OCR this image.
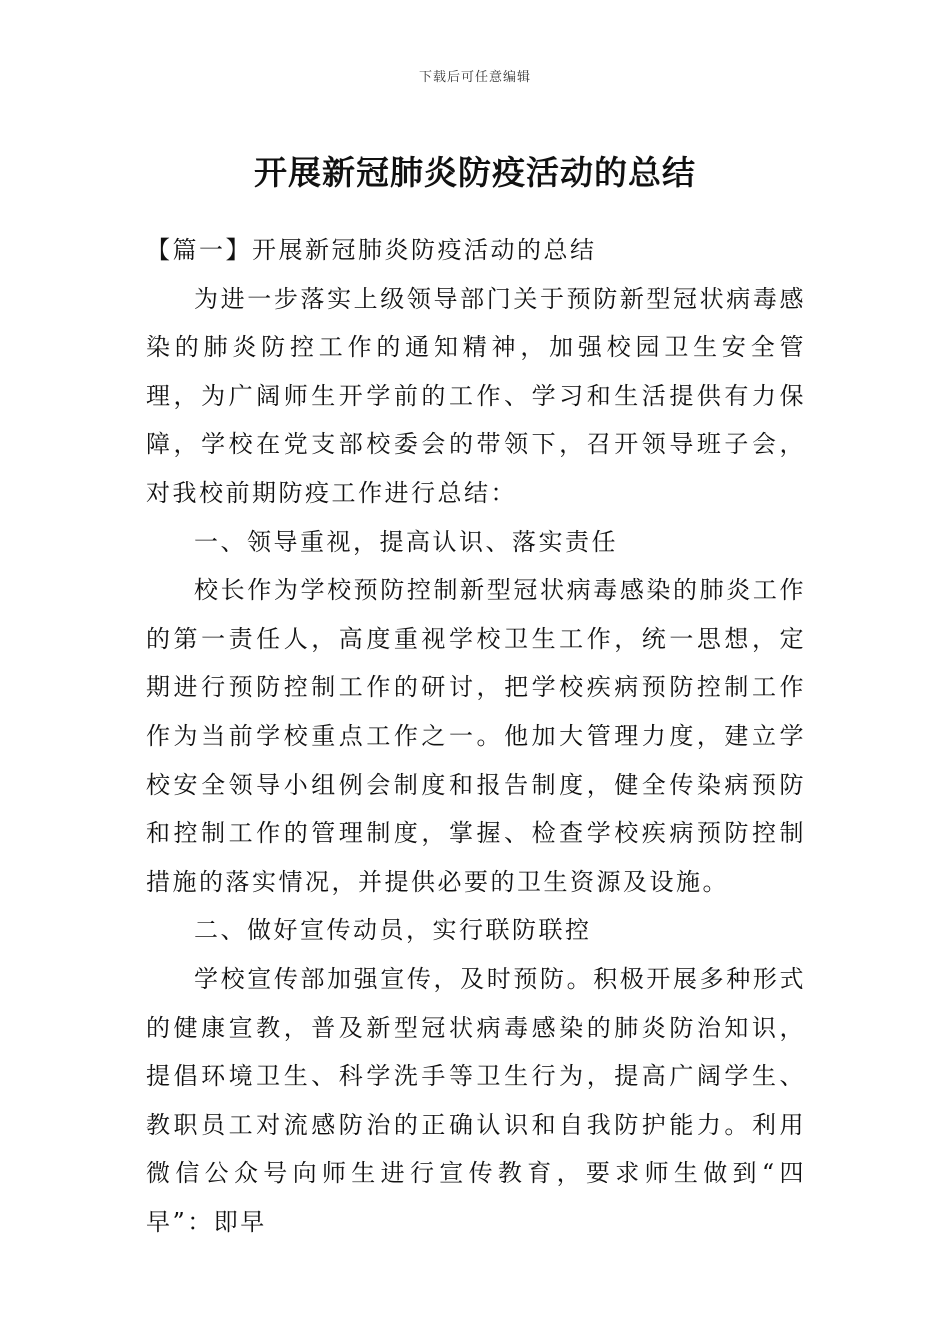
下载后可任意编辑
开展新冠肺炎防疫活动的总结

【篇一】开展新冠肺炎防疫活动的总结

为进一步落实上级领导部门关于预防新型冠状病毒感染的肺炎防控工作的通知精神，加强校园卫生安全管理，为广阔师生开学前的工作、学习和生活提供有力保障，学校在党支部校委会的带领下，召开领导班子会，对我校前期防疫工作进行总结：

一、领导重视，提高认识、落实责任

校长作为学校预防控制新型冠状病毒感染的肺炎工作的第一责任人，高度重视学校卫生工作，统一思想，定期进行预防控制工作的研讨，把学校疾病预防控制工作作为当前学校重点工作之一。他加大管理力度，建立学校安全领导小组例会制度和报告制度，健全传染病预防和控制工作的管理制度，掌握、检查学校疾病预防控制措施的落实情况，并提供必要的卫生资源及设施。

二、做好宣传动员，实行联防联控

学校宣传部加强宣传，及时预防。积极开展多种形式的健康宣教，普及新型冠状病毒感染的肺炎防治知识，提倡环境卫生、科学洗手等卫生行为，提高广阔学生、教职员工对流感防治的正确认识和自我防护能力。利用微信公众号向师生进行宣传教育，要求师生做到“四早”：即早
